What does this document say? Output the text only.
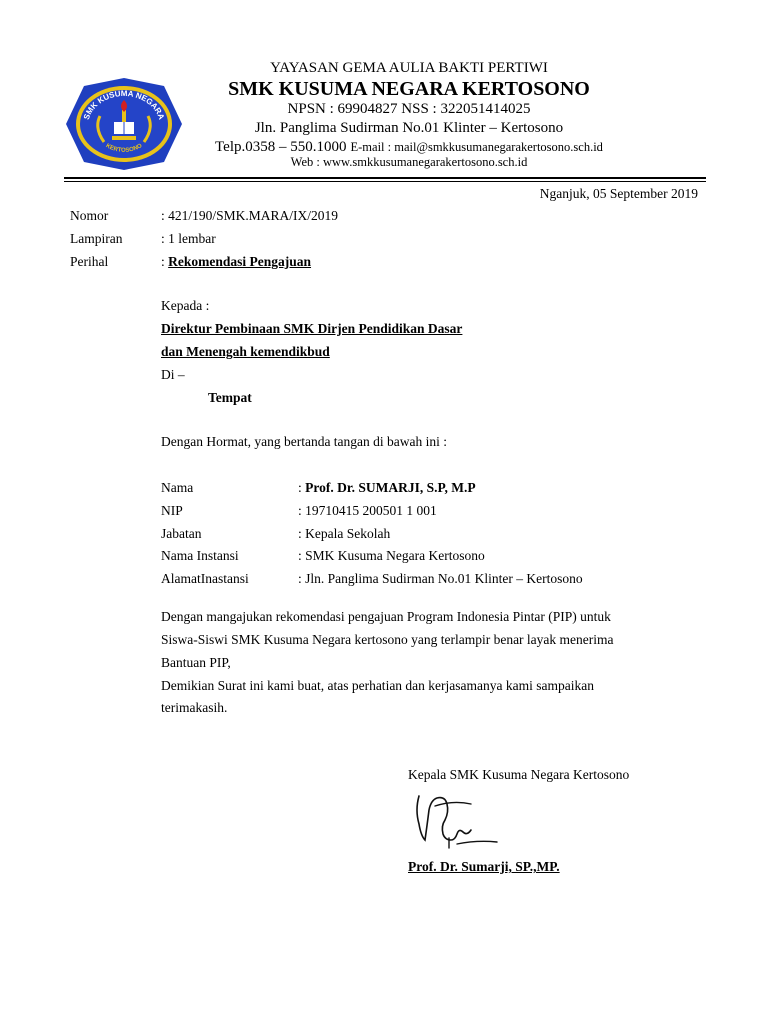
SMK KUSUMA NEGARA
KERTOSONO
YAYASAN GEMA AULIA BAKTI PERTIWI
SMK KUSUMA NEGARA KERTOSONO
NPSN : 69904827 NSS : 322051414025
Jln. Panglima Sudirman No.01 Klinter – Kertosono
Telp.0358 – 550.1000 E-mail : mail@smkkusumanegarakertosono.sch.id
Web : www.smkkusumanegarakertosono.sch.id
Nganjuk, 05 September 2019
Nomor	: 421/190/SMK.MARA/IX/2019
Lampiran	: 1 lembar
Perihal	: Rekomendasi Pengajuan
Kepada :
Direktur Pembinaan SMK Dirjen Pendidikan Dasar
dan Menengah kemendikbud
Di –
Tempat
Dengan Hormat, yang bertanda tangan di bawah ini :
Nama	: Prof. Dr. SUMARJI, S.P, M.P
NIP	: 19710415 200501 1 001
Jabatan	: Kepala Sekolah
Nama Instansi	: SMK Kusuma Negara Kertosono
AlamatInastansi	: Jln. Panglima Sudirman No.01 Klinter – Kertosono
Dengan mangajukan rekomendasi pengajuan Program Indonesia Pintar (PIP) untuk
Siswa-Siswi SMK Kusuma Negara kertosono yang terlampir benar layak menerima
Bantuan PIP,
Demikian Surat ini kami buat, atas perhatian dan kerjasamanya kami sampaikan
terimakasih.
Kepala SMK Kusuma Negara Kertosono
Prof. Dr. Sumarji, SP.,MP.
